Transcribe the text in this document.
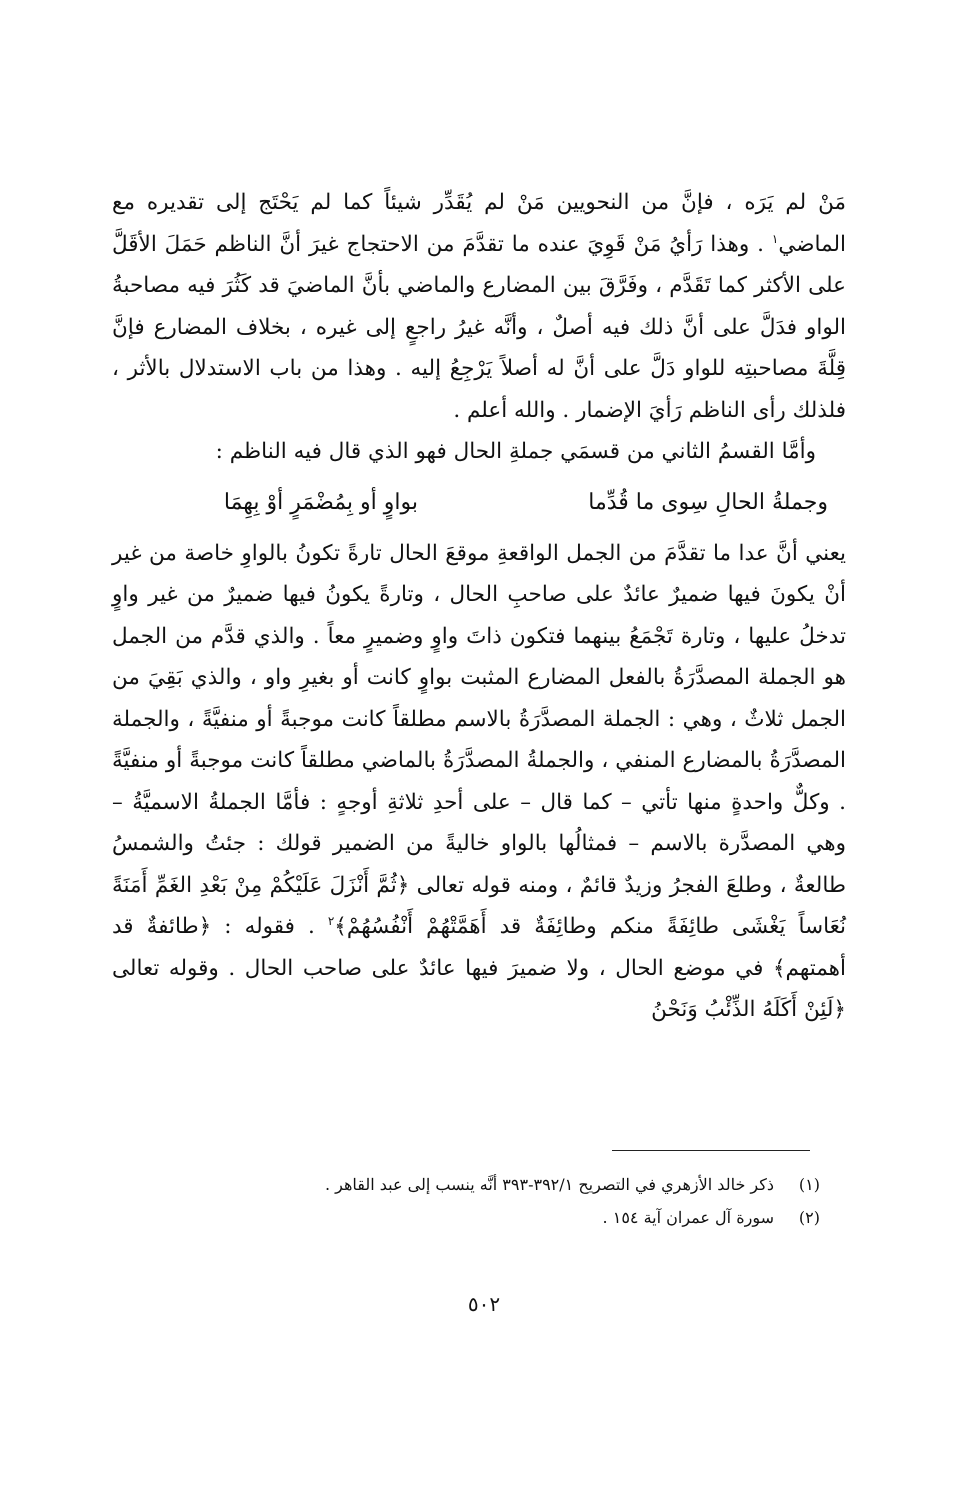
مَنْ لم يَرَه ، فإنَّ من النحويين مَنْ لم يُقَدِّر شيئاً كما لم يَحْتَج إلى تقديره مع الماضي$^١$ . وهذا رَأيُ مَنْ قَوِيَ عنده ما تقدَّمَ من الاحتجاج غيرَ أنَّ الناظم حَمَلَ الأقَلَّ على الأكثر كما تَقَدَّم ، وفَرَّقَ بين المضارع والماضي بأنَّ الماضيَ قد كَثُرَ فيه مصاحبةُ الواو فدَلَّ على أنَّ ذلك فيه أصلٌ ، وأنَّه غيرُ راجعٍ إلى غيره ، بخلاف المضارع فإنَّ قِلَّةَ مصاحبتِه للواو دَلَّ على أنَّ له أصلاً يَرْجِعُ إليه . وهذا من باب الاستدلال بالأثر ، فلذلك رأى الناظم رَأيَ الإضمار . والله أعلم .

وأمَّا القسمُ الثاني من قسمَي جملةِ الحال فهو الذي قال فيه الناظم :

وجملةُ الحالِ سِوى ما قُدِّما
بواوٍ أو بِمُضْمَرٍ أوْ بِهِمَا

يعني أنَّ عدا ما تقدَّمَ من الجمل الواقعةِ موقعَ الحال تارةً تكونُ بالواوِ خاصة من غير أنْ يكونَ فيها ضميرٌ عائدٌ على صاحبِ الحال ، وتارةً يكونُ فيها ضميرٌ من غير واوٍ تدخلُ عليها ، وتارة تَجْمَعُ بينهما فتكون ذاتَ واوٍ وضميرٍ معاً . والذي قدَّم من الجمل هو الجملة المصدَّرَةُ بالفعل المضارع المثبت بواوٍ كانت أو بغيرِ واو ، والذي بَقِيَ من الجمل ثلاثٌ ، وهي : الجملة المصدَّرَةُ بالاسم مطلقاً كانت موجبةً أو منفيَّةً ، والجملة المصدَّرَةُ بالمضارع المنفي ، والجملةُ المصدَّرَةُ بالماضي مطلقاً كانت موجبةً أو منفيَّةً . وكلٌّ واحدةٍ منها تأتي – كما قال – على أحدِ ثلاثةِ أوجهٍ : فأمَّا الجملةُ الاسميَّةُ – وهي المصدَّرة بالاسم – فمثالُها بالواو خاليةً من الضمير قولك : جئتُ والشمسُ طالعةٌ ، وطلعَ الفجرُ وزيدٌ قائمٌ ، ومنه قوله تعالى ﴿ثُمَّ أَنْزَلَ عَلَيْكُمْ مِنْ بَعْدِ الغَمِّ أَمَنَةً نُعَاساً يَغْشَى طائِفَةً منكم وطائِفَةٌ قد أَهَمَّتْهُمْ أَنْفُسُهُمْ﴾$^٢$ . فقوله : ﴿طائفةٌ قد أهمتهم﴾ في موضع الحال ، ولا ضميرَ فيها عائدٌ على صاحب الحال . وقوله تعالى ﴿لَئِنْ أَكَلَهُ الذِّئْبُ وَنَحْنُ

(١)
ذكر خالد الأزهري في التصريح ٣٩٢/١-٣٩٣ أنَّه ينسب إلى عبد القاهر .
(٢)
سورة آل عمران آية ١٥٤ .
٥٠٢
